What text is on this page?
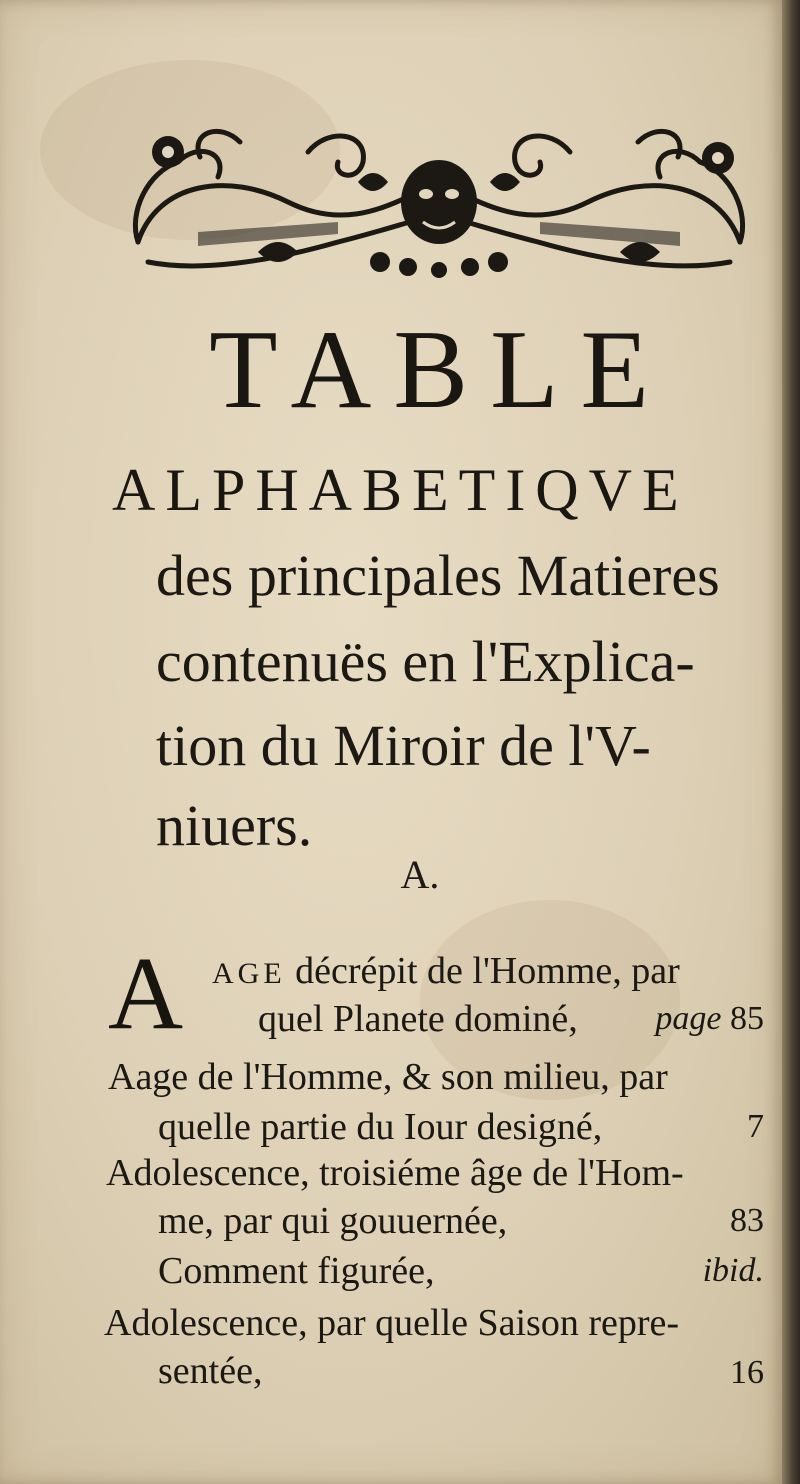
TABLE
ALPHABETIQVE
des principales Matieres
contenuës en l'Explica-
tion du Miroir de l'V-
niuers.
A.
A AGE décrépit de l'Homme, par
quel Planete dominé,	page 85
Aage de l'Homme, & son milieu, par
quelle partie du Iour designé,	7
Adolescence, troisiéme âge de l'Hom-
me, par qui gouuernée,	83
Comment figurée,	ibid.
Adolescence, par quelle Saison repre-
sentée,	16
